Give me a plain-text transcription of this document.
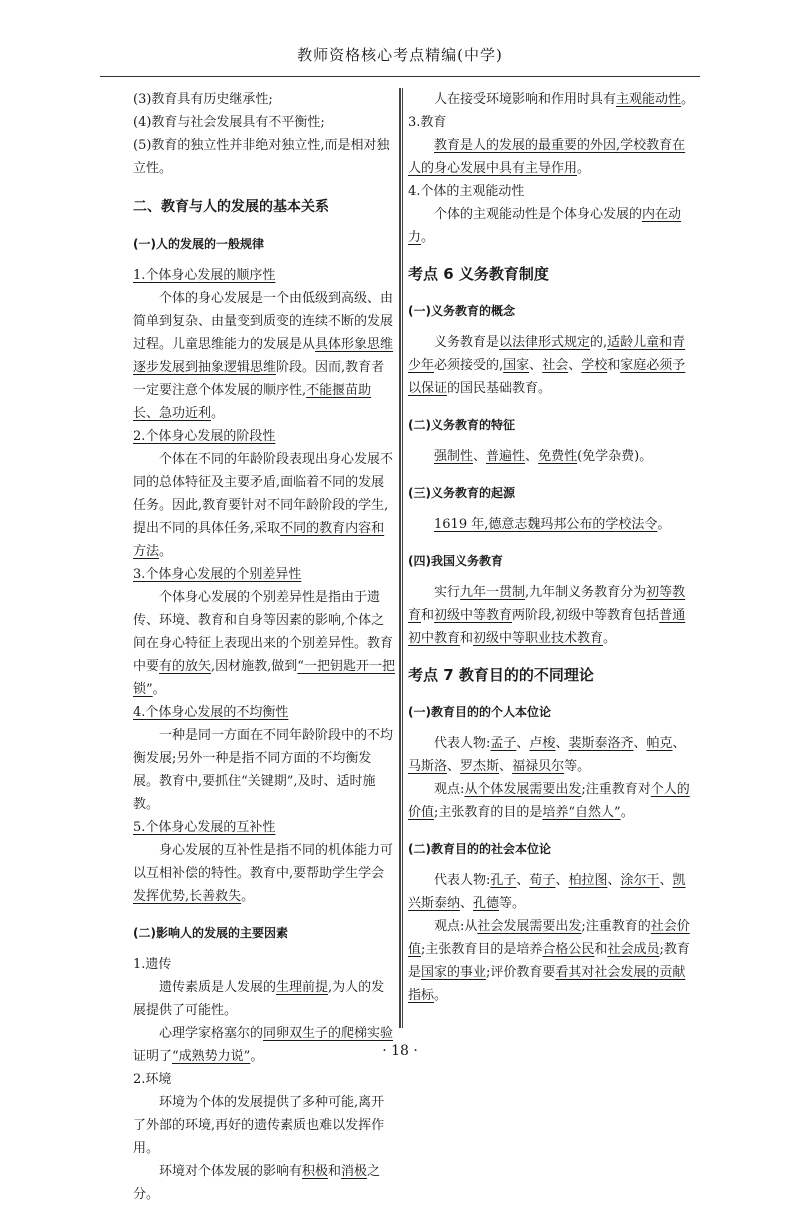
教师资格核心考点精编(中学)

(3)教育具有历史继承性;

(4)教育与社会发展具有不平衡性;

(5)教育的独立性并非绝对独立性,而是相对独立性。

二、教育与人的发展的基本关系
(一)人的发展的一般规律

1.个体身心发展的顺序性

个体的身心发展是一个由低级到高级、由简单到复杂、由量变到质变的连续不断的发展过程。儿童思维能力的发展是从具体形象思维逐步发展到抽象逻辑思维阶段。因而,教育者一定要注意个体发展的顺序性,不能揠苗助长、急功近利。

2.个体身心发展的阶段性

个体在不同的年龄阶段表现出身心发展不同的总体特征及主要矛盾,面临着不同的发展任务。因此,教育要针对不同年龄阶段的学生,提出不同的具体任务,采取不同的教育内容和方法。

3.个体身心发展的个别差异性

个体身心发展的个别差异性是指由于遗传、环境、教育和自身等因素的影响,个体之间在身心特征上表现出来的个别差异性。教育中要有的放矢,因材施教,做到“一把钥匙开一把锁”。

4.个体身心发展的不均衡性

一种是同一方面在不同年龄阶段中的不均衡发展;另外一种是指不同方面的不均衡发展。教育中,要抓住“关键期”,及时、适时施教。

5.个体身心发展的互补性

身心发展的互补性是指不同的机体能力可以互相补偿的特性。教育中,要帮助学生学会发挥优势,长善救失。

(二)影响人的发展的主要因素

1.遗传

遗传素质是人发展的生理前提,为人的发展提供了可能性。

心理学家格塞尔的同卵双生子的爬梯实验证明了“成熟势力说”。

2.环境

环境为个体的发展提供了多种可能,离开了外部的环境,再好的遗传素质也难以发挥作用。

环境对个体发展的影响有积极和消极之分。

人在接受环境影响和作用时具有主观能动性。

3.教育

教育是人的发展的最重要的外因,学校教育在人的身心发展中具有主导作用。

4.个体的主观能动性

个体的主观能动性是个体身心发展的内在动力。

考点 6 义务教育制度
(一)义务教育的概念

义务教育是以法律形式规定的,适龄儿童和青少年必须接受的,国家、社会、学校和家庭必须予以保证的国民基础教育。

(二)义务教育的特征

强制性、普遍性、免费性(免学杂费)。

(三)义务教育的起源

1619 年,德意志魏玛邦公布的学校法令。

(四)我国义务教育

实行九年一贯制,九年制义务教育分为初等教育和初级中等教育两阶段,初级中等教育包括普通初中教育和初级中等职业技术教育。

考点 7 教育目的的不同理论
(一)教育目的的个人本位论

代表人物:孟子、卢梭、裴斯泰洛齐、帕克、马斯洛、罗杰斯、福禄贝尔等。

观点:从个体发展需要出发;注重教育对个人的价值;主张教育的目的是培养“自然人”。

(二)教育目的的社会本位论

代表人物:孔子、荀子、柏拉图、涂尔干、凯兴斯泰纳、孔德等。

观点:从社会发展需要出发;注重教育的社会价值;主张教育目的是培养合格公民和社会成员;教育是国家的事业;评价教育要看其对社会发展的贡献指标。

· 18 ·
